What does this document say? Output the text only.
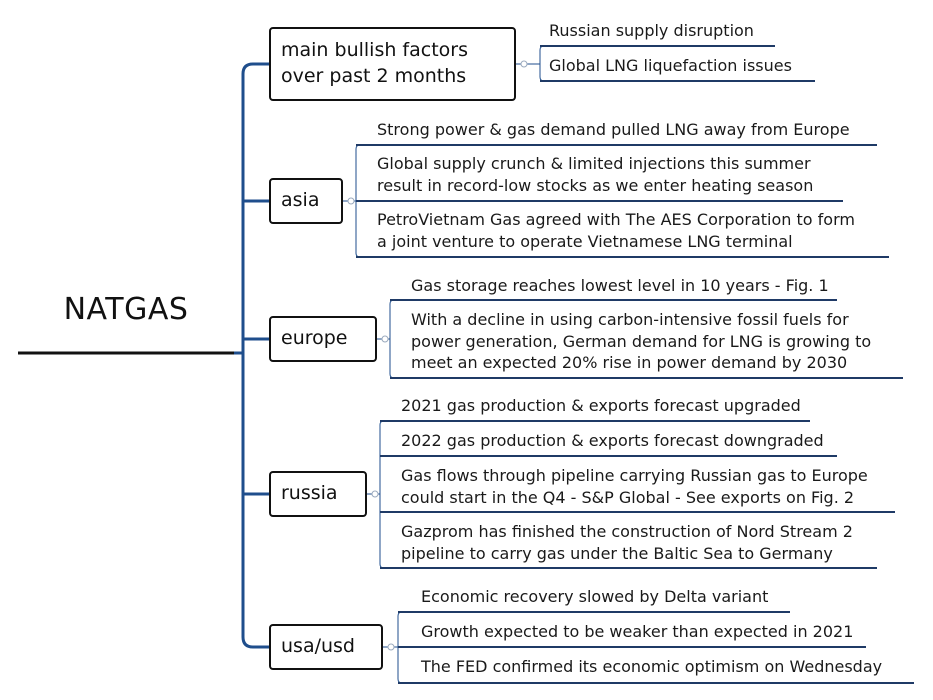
NATGAS
main bullish factors
over past 2 months
Russian supply disruption
Global LNG liquefaction issues
asia
Strong power & gas demand pulled LNG away from Europe
Global supply crunch & limited injections this summer
result in record-low stocks as we enter heating season
PetroVietnam Gas agreed with The AES Corporation to form
a joint venture to operate Vietnamese LNG terminal
europe
Gas storage reaches lowest level in 10 years - Fig. 1
With a decline in using carbon-intensive fossil fuels for
power generation, German demand for LNG is growing to
meet an expected 20% rise in power demand by 2030
russia
2021 gas production & exports forecast upgraded
2022 gas production & exports forecast downgraded
Gas flows through pipeline carrying Russian gas to Europe
could start in the Q4 - S&P Global - See exports on Fig. 2
Gazprom has finished the construction of Nord Stream 2
pipeline to carry gas under the Baltic Sea to Germany
usa/usd
Economic recovery slowed by Delta variant
Growth expected to be weaker than expected in 2021
The FED confirmed its economic optimism on Wednesday
